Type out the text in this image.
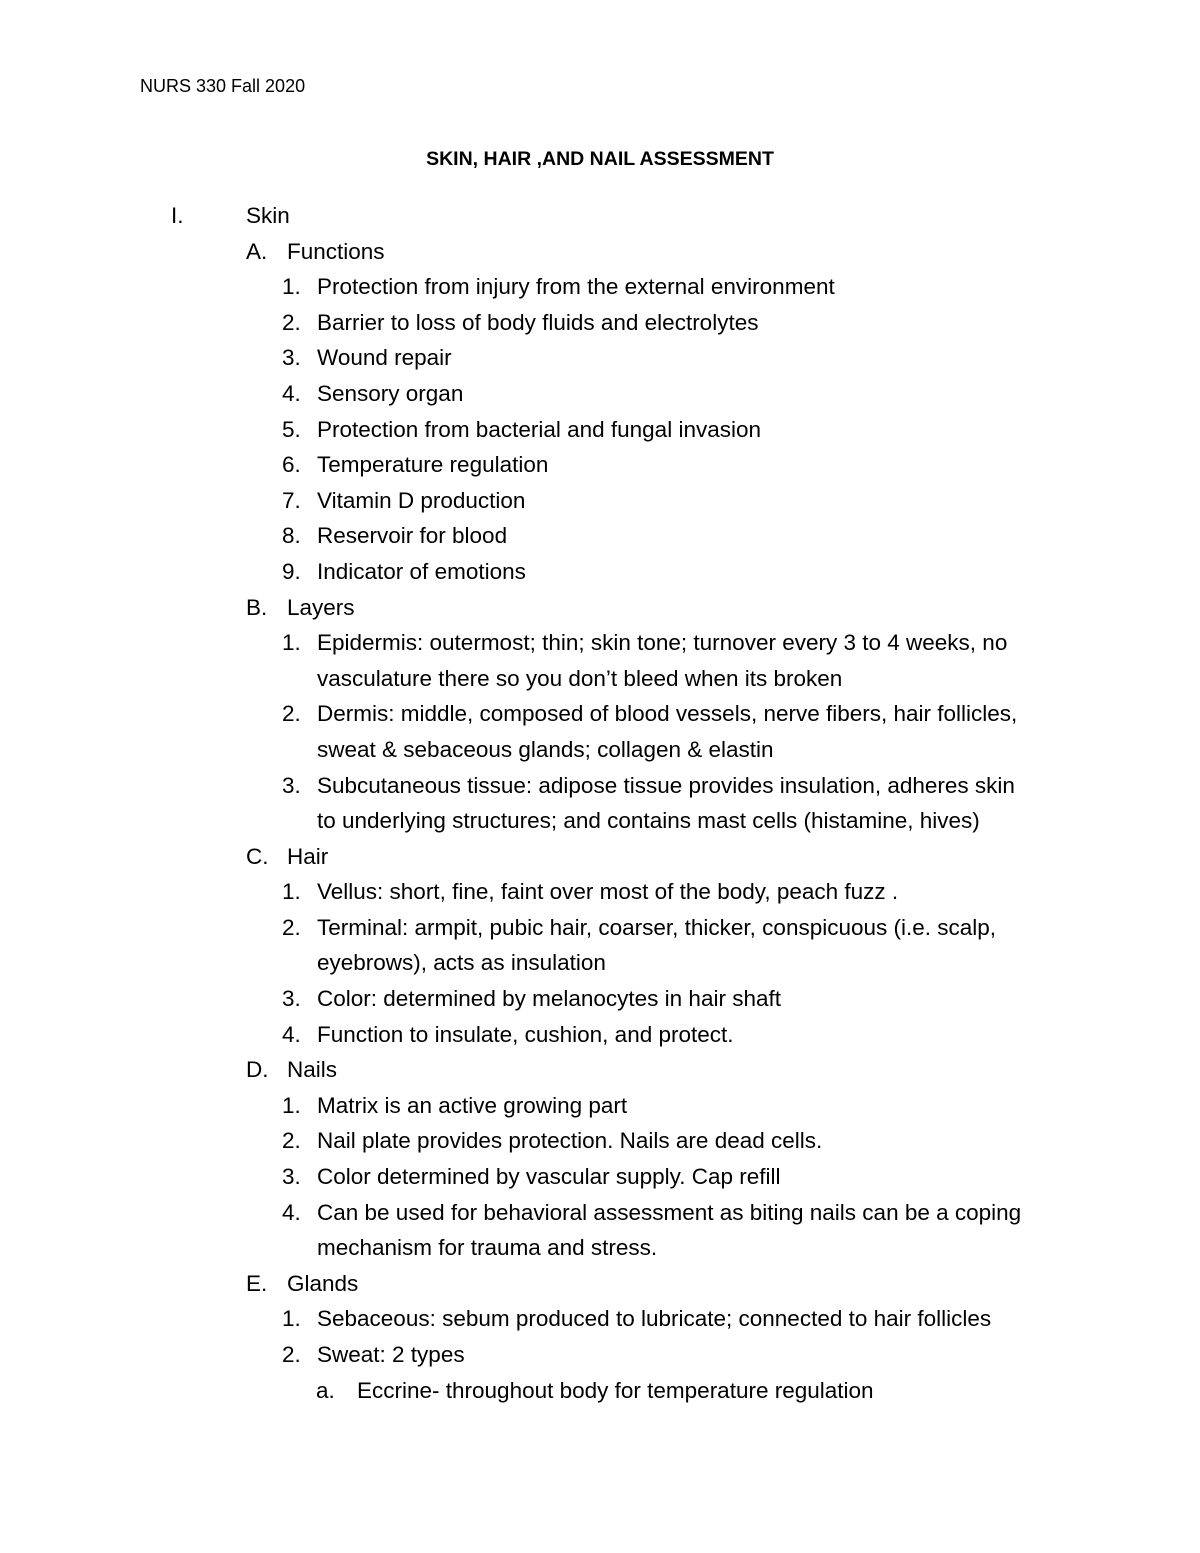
NURS 330 Fall 2020
SKIN, HAIR ,AND NAIL ASSESSMENT
I.	Skin
A. Functions
1. Protection from injury from the external environment
2. Barrier to loss of body fluids and electrolytes
3. Wound repair
4. Sensory organ
5. Protection from bacterial and fungal invasion
6. Temperature regulation
7. Vitamin D production
8. Reservoir for blood
9. Indicator of emotions
B. Layers
1. Epidermis: outermost; thin; skin tone; turnover every 3 to 4 weeks, no
vasculature there so you don’t bleed when its broken
2. Dermis: middle, composed of blood vessels, nerve fibers, hair follicles,
sweat & sebaceous glands; collagen & elastin
3. Subcutaneous tissue: adipose tissue provides insulation, adheres skin
to underlying structures; and contains mast cells (histamine, hives)
C. Hair
1. Vellus: short, fine, faint over most of the body, peach fuzz .
2. Terminal: armpit, pubic hair, coarser, thicker, conspicuous (i.e. scalp,
eyebrows), acts as insulation
3. Color: determined by melanocytes in hair shaft
4. Function to insulate, cushion, and protect.
D. Nails
1. Matrix is an active growing part
2. Nail plate provides protection. Nails are dead cells.
3. Color determined by vascular supply. Cap refill
4. Can be used for behavioral assessment as biting nails can be a coping
mechanism for trauma and stress.
E. Glands
1. Sebaceous: sebum produced to lubricate; connected to hair follicles
2. Sweat: 2 types
a. Eccrine- throughout body for temperature regulation
